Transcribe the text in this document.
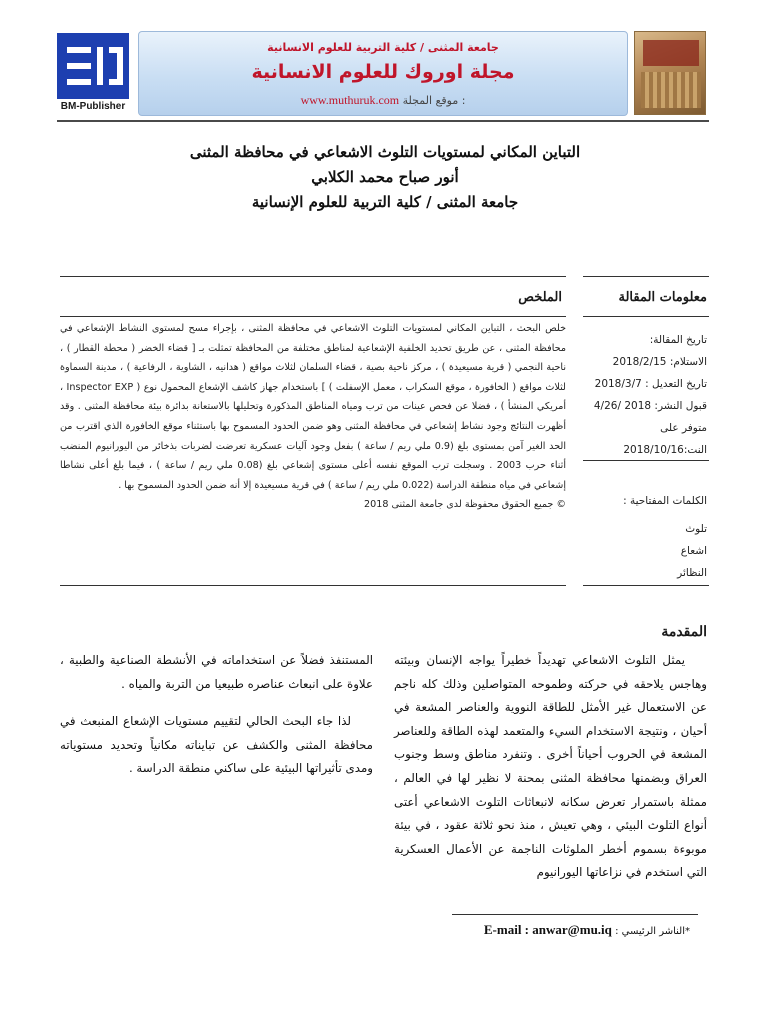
BM-Publisher
جامعة المثنى / كلية التربية للعلوم الانسانية
مجلة اوروك للعلوم الانسانية
www.muthuruk.com موقع المجلة :
التباين المكاني لمستويات التلوث الاشعاعي في محافظة المثنى
أنور صباح محمد الكلابي
جامعة المثنى / كلية التربية للعلوم الإنسانية
معلومات المقالة
الملخص
تاريخ المقالة:
الاستلام: 2018/2/15
تاريخ التعديل : 2018/3/7
قبول النشر: 2018 /4/26
متوفر على النت:2018/10/16
الكلمات المفتاحية :
تلوث
اشعاع
النظائر

خلص البحث ، التباين المكاني لمستويات التلوث الاشعاعي في محافظة المثنى ، بإجراء مسح لمستوى النشاط الإشعاعي في محافظة المثنى ، عن طريق تحديد الخلفية الإشعاعية لمناطق مختلفة من المحافظة تمثلت بـ [ قضاء الخضر ( محطة القطار ) ، ناحية النجمي ( قرية مسيعيدة ) ، مركز ناحية بصية ، قضاء السلمان لثلاث مواقع ( هدانيه ، الشاوية ، الرفاعية ) ، مدينة السماوة لثلاث مواقع ( الخافورة ، موقع السكراب ، معمل الإسفلت ) ] باستخدام جهاز كاشف الإشعاع المحمول نوع ( Inspector EXP ، أمريكي المنشأ ) ، فضلا عن فحص عينات من ترب ومياه المناطق المذكورة وتحليلها بالاستعانة بدائرة بيئة محافظة المثنى . وقد أظهرت النتائج وجود نشاط إشعاعي في محافظة المثنى وهو ضمن الحدود المسموح بها باستثناء موقع الخافورة الذي اقترب من الحد الغير آمن بمستوى بلغ (0.9 ملي ريم / ساعة ) بفعل وجود آليات عسكرية تعرضت لضربات بذخائر من اليورانيوم المنضب أثناء حرب 2003 . وسجلت ترب الموقع نفسه أعلى مستوى إشعاعي بلغ (0.08 ملي ريم / ساعة ) ، فيما بلغ أعلى نشاطا إشعاعي في مياه منطقة الدراسة (0.022 ملي ريم / ساعة ) في قرية مسيعيدة إلا أنه ضمن الحدود المسموح بها .

© جميع الحقوق محفوظة لدى جامعة المثنى 2018

المقدمة
يمثل التلوث الاشعاعي تهديداً خطيراً يواجه الإنسان وبيئته وهاجس يلاحقه في حركته وطموحه المتواصلين وذلك كله ناجم عن الاستعمال غير الأمثل للطاقة النووية والعناصر المشعة في أحيان ، ونتيجة الاستخدام السيء والمتعمد لهذه الطاقة وللعناصر المشعة في الحروب أحياناً أخرى . وتنفرد مناطق وسط وجنوب العراق وبضمنها محافظة المثنى بمحنة لا نظير لها في العالم ، ممثلة باستمرار تعرض سكانه لانبعاثات التلوث الاشعاعي أعتى أنواع التلوث البيئي ، وهي تعيش ، منذ نحو ثلاثة عقود ، في بيئة موبوءة بسموم أخطر الملوثات الناجمة عن الأعمال العسكرية التي استخدم في نزاعاتها اليورانيوم

المستنفذ فضلاً عن استخداماته في الأنشطة الصناعية والطبية ، علاوة على انبعاث عناصره طبيعيا من التربة والمياه .

لذا جاء البحث الحالي لتقييم مستويات الإشعاع المنبعث في محافظة المثنى والكشف عن تبايناته مكانياً وتحديد مستوياته ومدى تأثيراتها البيئية على ساكني منطقة الدراسة .

*الناشر الرئيسي : E-mail : anwar@mu.iq
